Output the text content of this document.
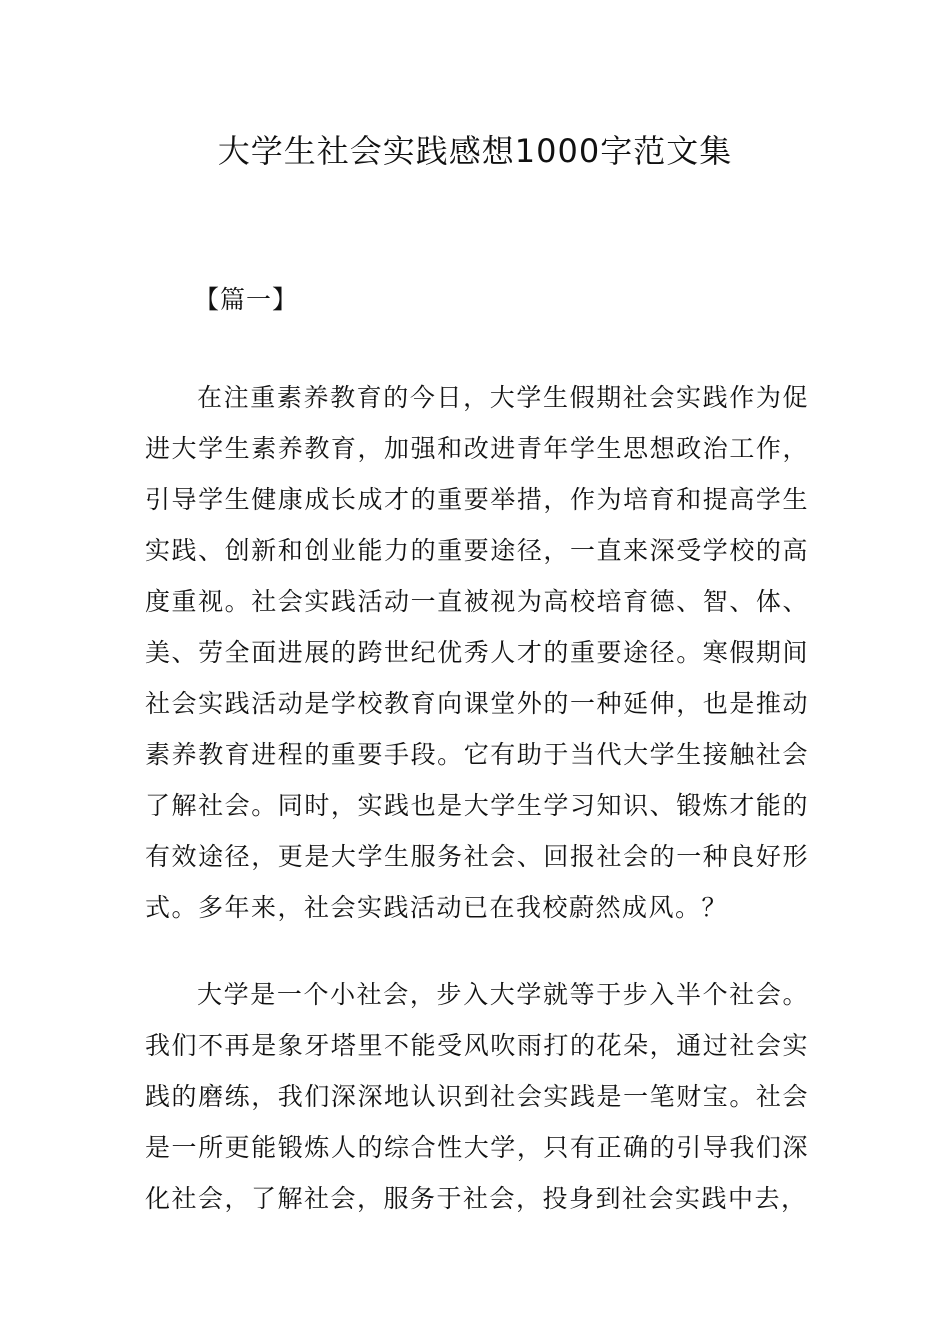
大学生社会实践感想1000字范文集
【篇一】

在注重素养教育的今日，大学生假期社会实践作为促进大学生素养教育，加强和改进青年学生思想政治工作，引导学生健康成长成才的重要举措，作为培育和提高学生实践、创新和创业能力的重要途径，一直来深受学校的高度重视。社会实践活动一直被视为高校培育德、智、体、美、劳全面进展的跨世纪优秀人才的重要途径。寒假期间社会实践活动是学校教育向课堂外的一种延伸，也是推动素养教育进程的重要手段。它有助于当代大学生接触社会了解社会。同时，实践也是大学生学习知识、锻炼才能的有效途径，更是大学生服务社会、回报社会的一种良好形式。多年来，社会实践活动已在我校蔚然成风。？

大学是一个小社会，步入大学就等于步入半个社会。我们不再是象牙塔里不能受风吹雨打的花朵，通过社会实践的磨练，我们深深地认识到社会实践是一笔财宝。社会是一所更能锻炼人的综合性大学，只有正确的引导我们深化社会，了解社会，服务于社会，投身到社会实践中去，
